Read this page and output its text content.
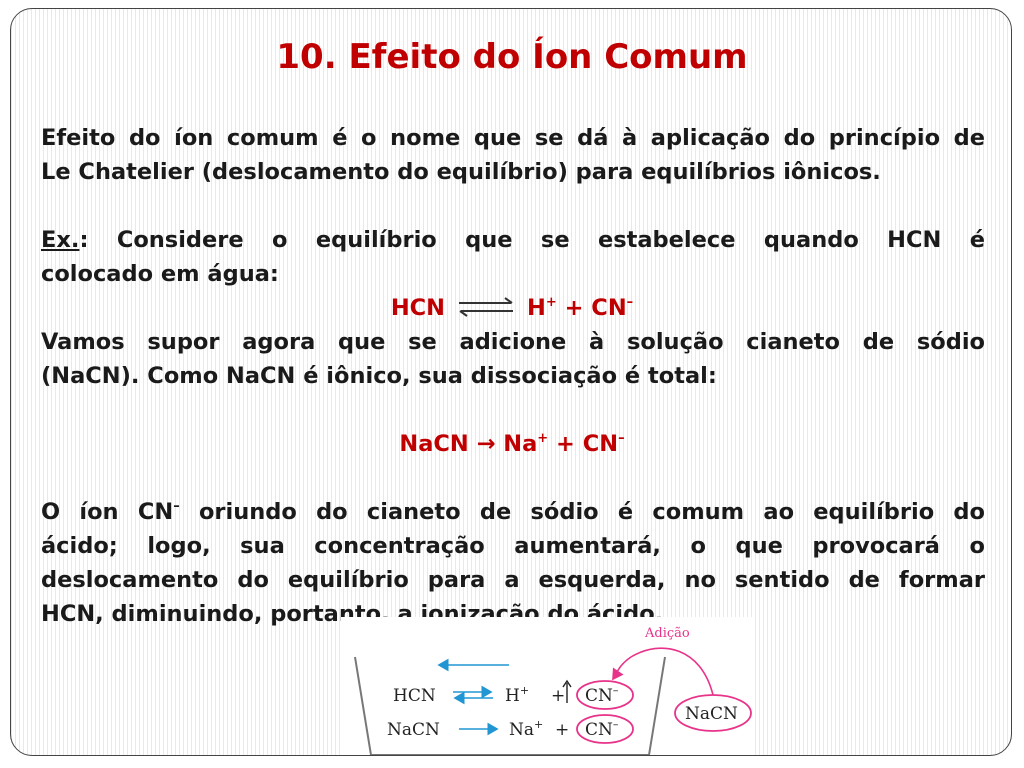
10. Efeito do Íon Comum
Efeito do íon comum é o nome que se dá à aplicação do princípio de
Le Chatelier (deslocamento do equilíbrio) para equilíbrios iônicos.
Ex.: Considere o equilíbrio que se estabelece quando HCN é
colocado em água:
HCN ⇌ H+ + CN–
Vamos supor agora que se adicione à solução cianeto de sódio
(NaCN). Como NaCN é iônico, sua dissociação é total:
NaCN → Na+ + CN–
O íon CN– oriundo do cianeto de sódio é comum ao equilíbrio do
ácido; logo, sua concentração aumentará, o que provocará o
deslocamento do equilíbrio para a esquerda, no sentido de formar
HCN, diminuindo, portanto, a ionização do ácido.
Adição
HCN	H+ + CN–
NaCN	Na+ + CN–
NaCN
